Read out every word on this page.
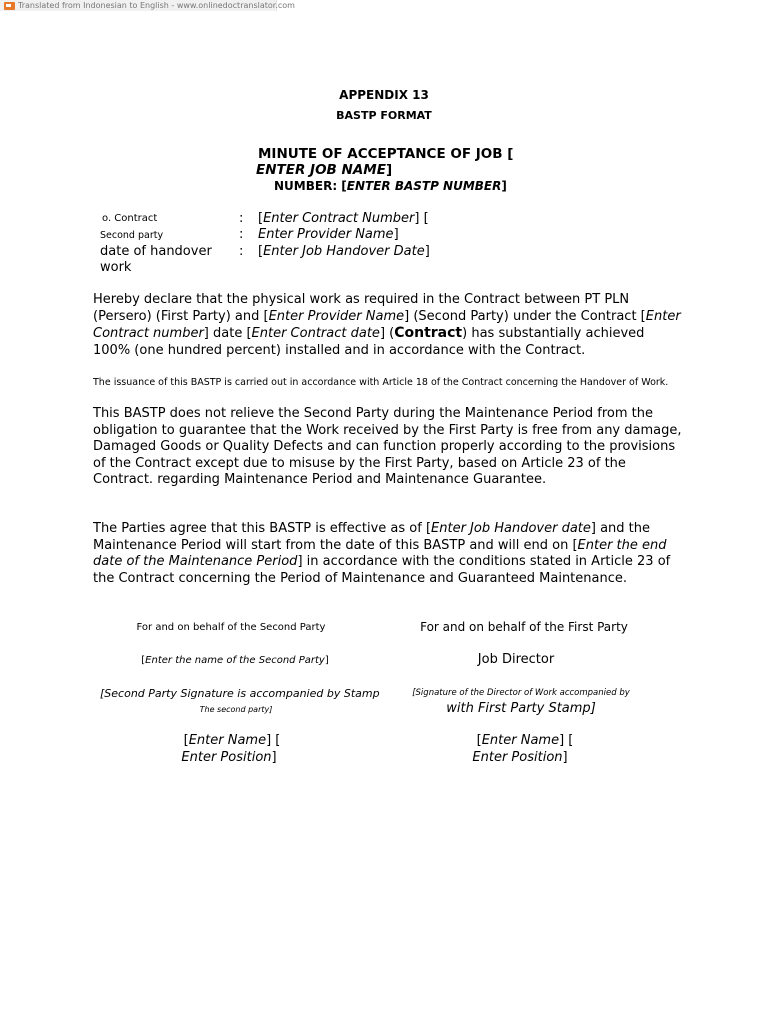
Translated from Indonesian to English - www.onlinedoctranslator.com
APPENDIX 13
BASTP FORMAT
MINUTE OF ACCEPTANCE OF JOB [
ENTER JOB NAME]
NUMBER: [ENTER BASTP NUMBER]
o. Contract	: [Enter Contract Number] [
Second party	: Enter Provider Name]
date of handover
work
: [Enter Job Handover Date]
Hereby declare that the physical work as required in the Contract between PT PLN (Persero) (First Party) and [Enter Provider Name] (Second Party) under the Contract [Enter Contract number] date [Enter Contract date] (Contract) has substantially achieved 100% (one hundred percent) installed and in accordance with the Contract.
The issuance of this BASTP is carried out in accordance with Article 18 of the Contract concerning the Handover of Work.
This BASTP does not relieve the Second Party during the Maintenance Period from the obligation to guarantee that the Work received by the First Party is free from any damage, Damaged Goods or Quality Defects and can function properly according to the provisions of the Contract except due to misuse by the First Party, based on Article 23 of the Contract. regarding Maintenance Period and Maintenance Guarantee.
The Parties agree that this BASTP is effective as of [Enter Job Handover date] and the Maintenance Period will start from the date of this BASTP and will end on [Enter the end date of the Maintenance Period] in accordance with the conditions stated in Article 23 of the Contract concerning the Period of Maintenance and Guaranteed Maintenance.
For and on behalf of the Second Party
[Enter the name of the Second Party]
[Second Party Signature is accompanied by Stamp
The second party]
[Enter Name] [
Enter Position]
For and on behalf of the First Party
Job Director
[Signature of the Director of Work accompanied by
with First Party Stamp]
[Enter Name] [
Enter Position]
